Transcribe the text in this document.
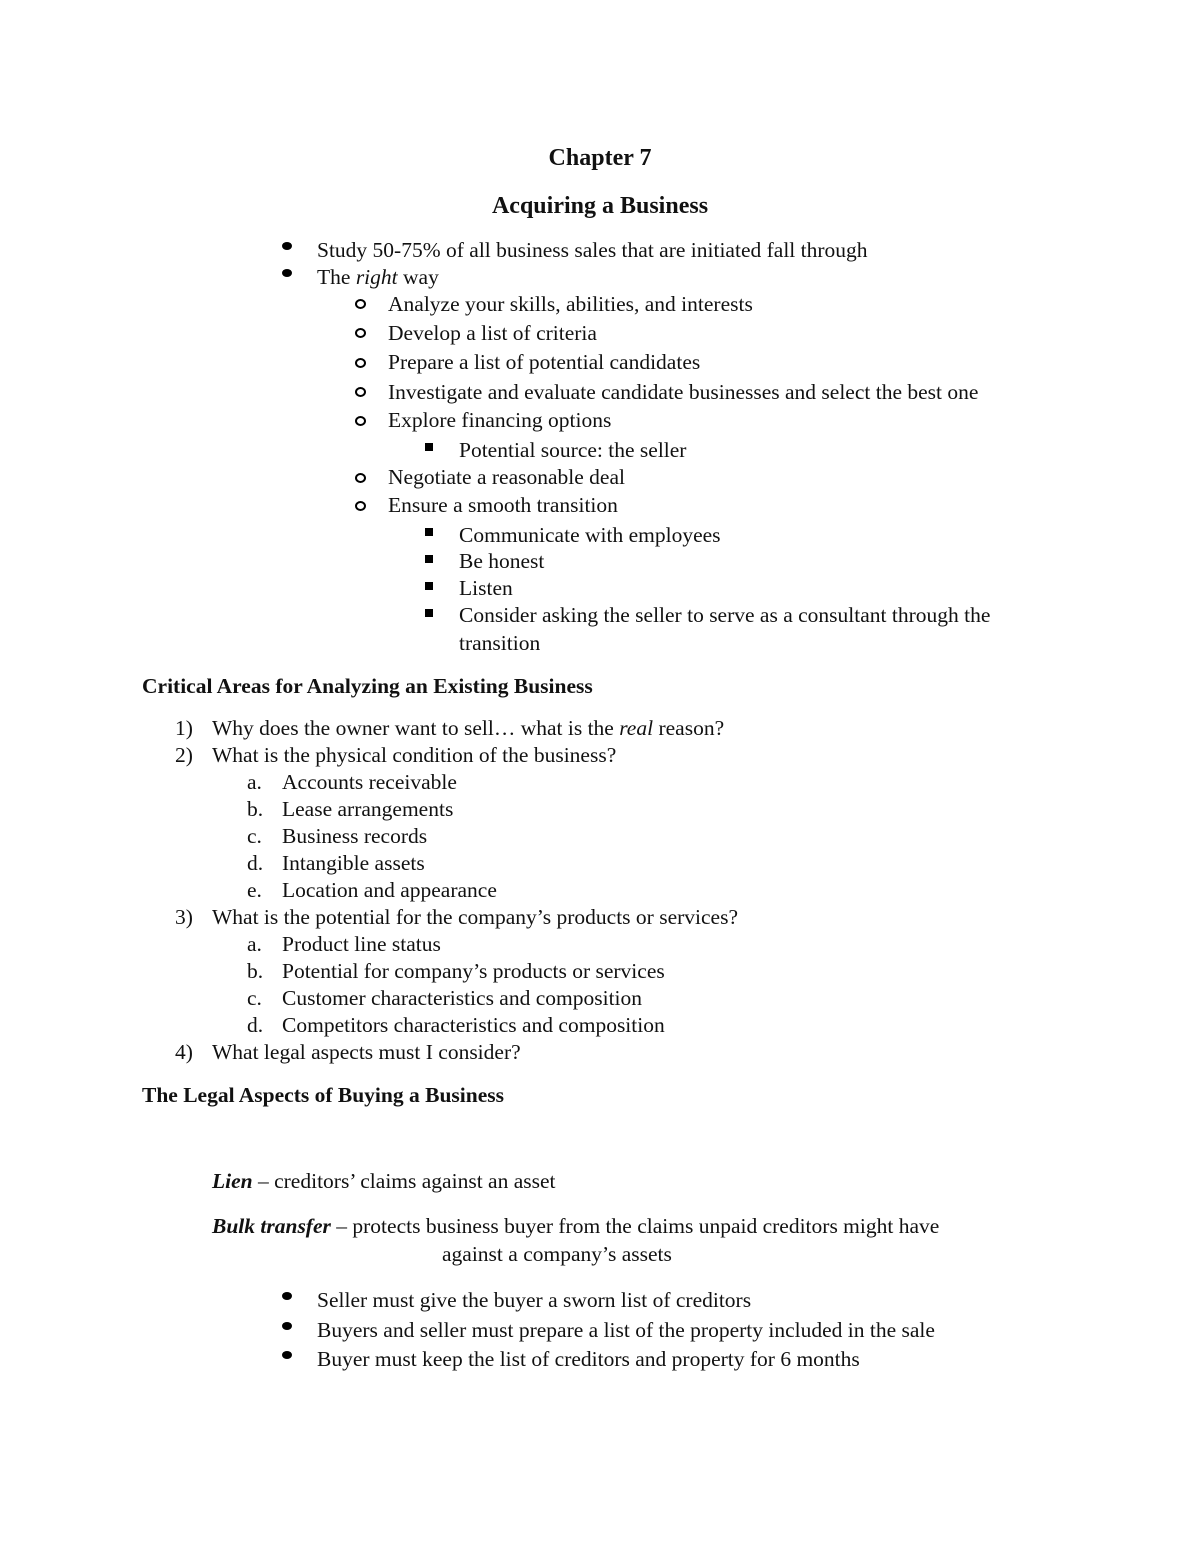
Chapter 7
Acquiring a Business
Study 50-75% of all business sales that are initiated fall through
The right way
Analyze your skills, abilities, and interests
Develop a list of criteria
Prepare a list of potential candidates
Investigate and evaluate candidate businesses and select the best one
Explore financing options
Potential source: the seller
Negotiate a reasonable deal
Ensure a smooth transition
Communicate with employees
Be honest
Listen
Consider asking the seller to serve as a consultant through the
transition
Critical Areas for Analyzing an Existing Business
1) Why does the owner want to sell… what is the real reason?
2) What is the physical condition of the business?
a. Accounts receivable
b. Lease arrangements
c. Business records
d. Intangible assets
e. Location and appearance
3) What is the potential for the company’s products or services?
a. Product line status
b. Potential for company’s products or services
c. Customer characteristics and composition
d. Competitors characteristics and composition
4) What legal aspects must I consider?
The Legal Aspects of Buying a Business
Lien – creditors’ claims against an asset
Bulk transfer – protects business buyer from the claims unpaid creditors might have
against a company’s assets
Seller must give the buyer a sworn list of creditors
Buyers and seller must prepare a list of the property included in the sale
Buyer must keep the list of creditors and property for 6 months
